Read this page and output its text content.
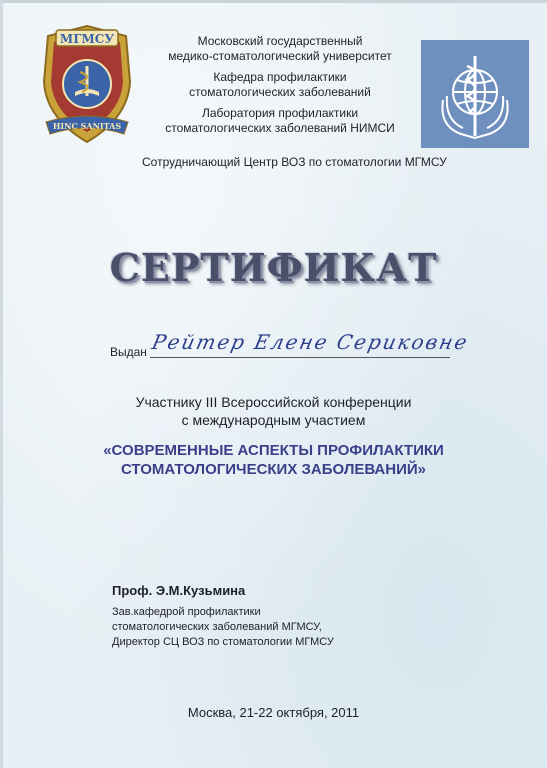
МГМСУ
HINC SANITAS
Московский государственный
медико-стоматологический университет
Кафедра профилактики
стоматологических заболеваний
Лаборатория профилактики
стоматологических заболеваний НИМСИ
Сотрудничающий Центр ВОЗ по стоматологии МГМСУ
СЕРТИФИКАТ
Выдан Рейтер Елене Сериковне
Участнику III Всероссийской конференции
с международным участием
«СОВРЕМЕННЫЕ АСПЕКТЫ ПРОФИЛАКТИКИ
СТОМАТОЛОГИЧЕСКИХ ЗАБОЛЕВАНИЙ»
Проф. Э.М.Кузьмина
Зав.кафедрой профилактики
стоматологических заболеваний МГМСУ,
Директор СЦ ВОЗ по стоматологии МГМСУ
Москва, 21-22 октября, 2011
